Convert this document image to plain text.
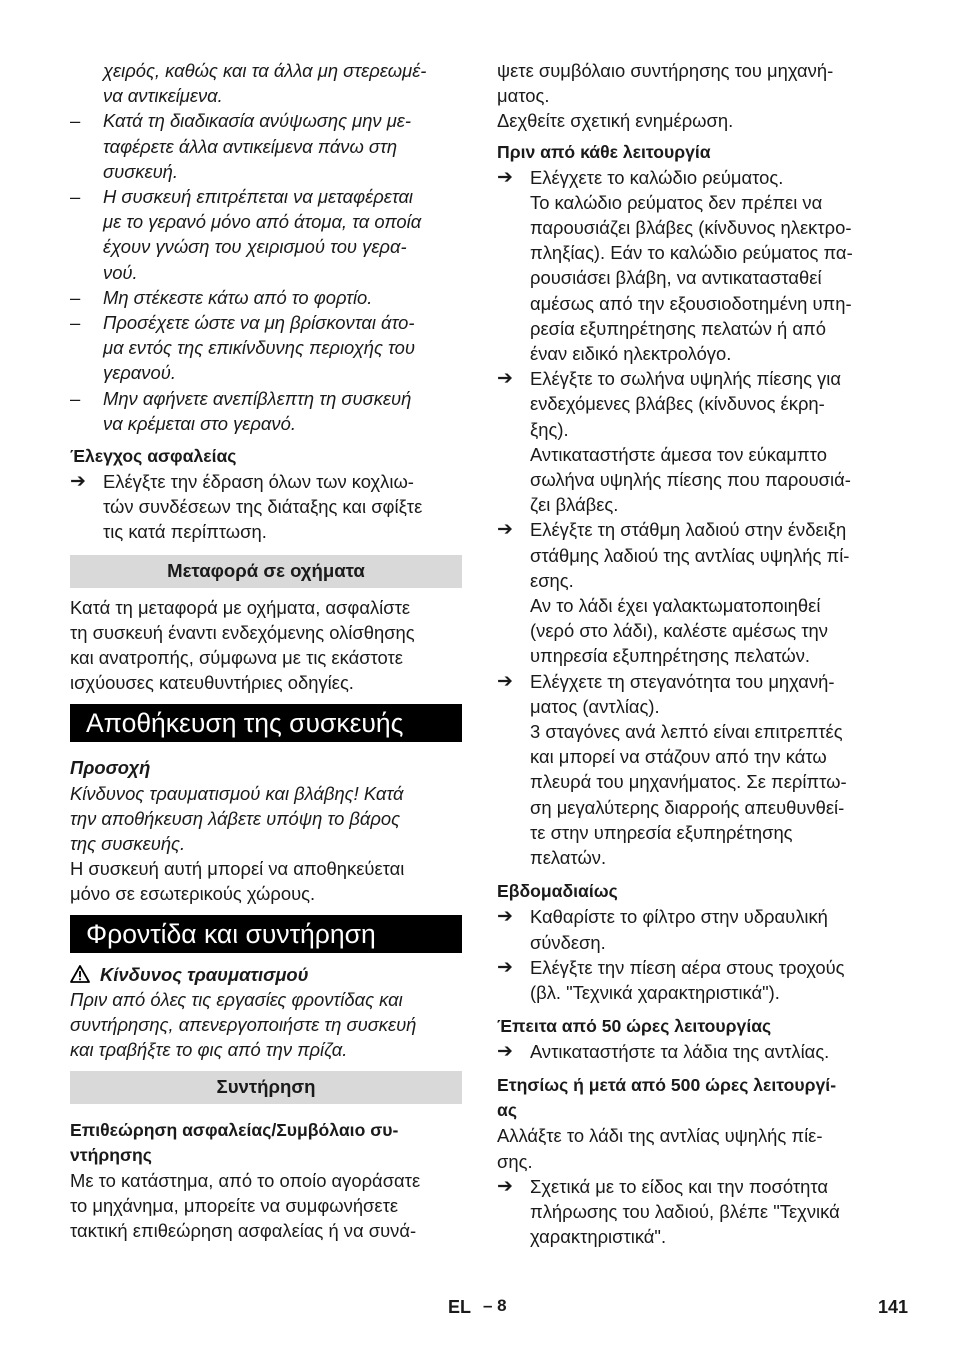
χειρός, καθώς και τα άλλα μη στερεωμέ-
να αντικείμενα.
–	Κατά τη διαδικασία ανύψωσης μην με-
ταφέρετε άλλα αντικείμενα πάνω στη
συσκευή.
–	Η συσκευή επιτρέπεται να μεταφέρεται
με το γερανό μόνο από άτομα, τα οποία
έχουν γνώση του χειρισμού του γερα-
νού.
–	Μη στέκεστε κάτω από το φορτίο.
–	Προσέχετε ώστε να μη βρίσκονται άτο-
μα εντός της επικίνδυνης περιοχής του
γερανού.
–	Μην αφήνετε ανεπίβλεπτη τη συσκευή
να κρέμεται στο γερανό.

Έλεγχος ασφαλείας

➔ Ελέγξτε την έδραση όλων των κοχλιω-
τών συνδέσεων της διάταξης και σφίξτε
τις κατά περίπτωση.
Μεταφορά σε οχήματα
Κατά τη μεταφορά με οχήματα, ασφαλίστε
τη συσκευή έναντι ενδεχόμενης ολίσθησης
και ανατροπής, σύμφωνα με τις εκάστοτε
ισχύουσες κατευθυντήριες οδηγίες.
Αποθήκευση της συσκευής

Προσοχή

Κίνδυνος τραυματισμού και βλάβης! Κατά
την αποθήκευση λάβετε υπόψη το βάρος
της συσκευής.
Η συσκευή αυτή μπορεί να αποθηκεύεται
μόνο σε εσωτερικούς χώρους.
Φροντίδα και συντήρηση
Κίνδυνος τραυματισμού
Πριν από όλες τις εργασίες φροντίδας και
συντήρησης, απενεργοποιήστε τη συσκευή
και τραβήξτε το φις από την πρίζα.
Συντήρηση

Επιθεώρηση ασφαλείας/Συμβόλαιο συ-
ντήρησης

Με το κατάστημα, από το οποίο αγοράσατε
το μηχάνημα, μπορείτε να συμφωνήσετε
τακτική επιθεώρηση ασφαλείας ή να συνά-
ψετε συμβόλαιο συντήρησης του μηχανή-
ματος.
Δεχθείτε σχετική ενημέρωση.

Πριν από κάθε λειτουργία

➔ Ελέγχετε το καλώδιο ρεύματος.
Το καλώδιο ρεύματος δεν πρέπει να
παρουσιάζει βλάβες (κίνδυνος ηλεκτρο-
πληξίας). Εάν το καλώδιο ρεύματος πα-
ρουσιάσει βλάβη, να αντικατασταθεί
αμέσως από την εξουσιοδοτημένη υπη-
ρεσία εξυπηρέτησης πελατών ή από
έναν ειδικό ηλεκτρολόγο.
➔ Ελέγξτε το σωλήνα υψηλής πίεσης για
ενδεχόμενες βλάβες (κίνδυνος έκρη-
ξης).
Αντικαταστήστε άμεσα τον εύκαμπτο
σωλήνα υψηλής πίεσης που παρουσιά-
ζει βλάβες.
➔ Ελέγξτε τη στάθμη λαδιού στην ένδειξη
στάθμης λαδιού της αντλίας υψηλής πί-
εσης.
Αν το λάδι έχει γαλακτωματοποιηθεί
(νερό στο λάδι), καλέστε αμέσως την
υπηρεσία εξυπηρέτησης πελατών.
➔ Ελέγχετε τη στεγανότητα του μηχανή-
ματος (αντλίας).
3 σταγόνες ανά λεπτό είναι επιτρεπτές
και μπορεί να στάζουν από την κάτω
πλευρά του μηχανήματος. Σε περίπτω-
ση μεγαλύτερης διαρροής απευθυνθεί-
τε στην υπηρεσία εξυπηρέτησης
πελατών.

Εβδομαδιαίως

➔ Καθαρίστε το φίλτρο στην υδραυλική
σύνδεση.
➔ Ελέγξτε την πίεση αέρα στους τροχούς
(βλ. "Τεχνικά χαρακτηριστικά").

Έπειτα από 50 ώρες λειτουργίας

➔ Αντικαταστήστε τα λάδια της αντλίας.

Ετησίως ή μετά από 500 ώρες λειτουργί-
ας

Αλλάξτε το λάδι της αντλίας υψηλής πίε-
σης.
➔ Σχετικά με το είδος και την ποσότητα
πλήρωσης του λαδιού, βλέπε "Τεχνικά
χαρακτηριστικά".
EL – 8	141
